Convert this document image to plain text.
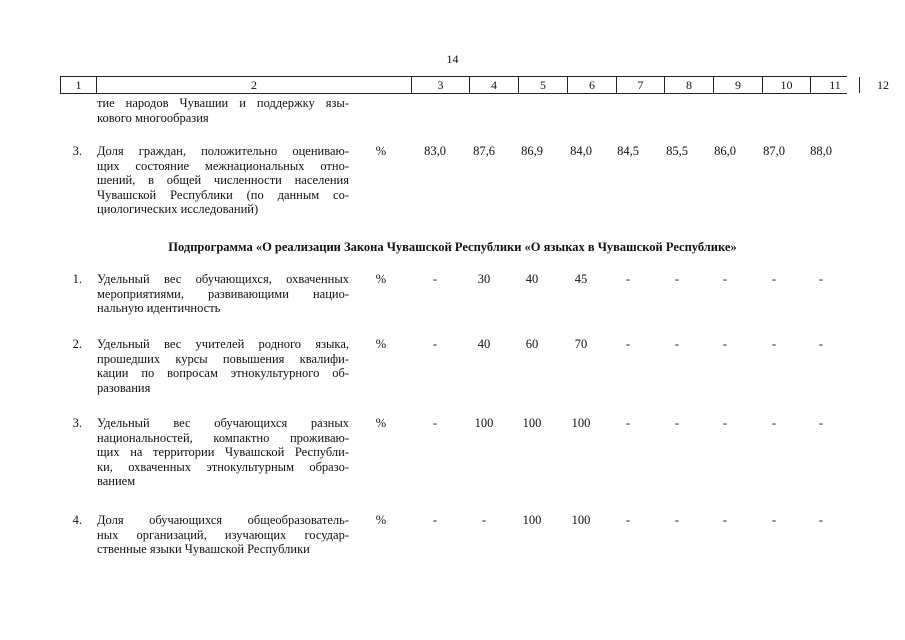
14
1	2	3	4	5	6	7	8	9	10	11	12
тие народов Чувашии и поддержку язы-
кового многообразия
3. Доля граждан, положительно оцениваю-
щих состояние межнациональных отно-
шений, в общей численности населения
Чувашской Республики (по данным со-
циологических исследований)
%	83,0	87,6	86,9	84,0	84,5	85,5	86,0	87,0	88,0
Подпрограмма «О реализации Закона Чувашской Республики «О языках в Чувашской Республике»
1. Удельный вес обучающихся, охваченных
мероприятиями, развивающими нацио-
нальную идентичность
%	-	30	40	45	-	-	-	-	-
2. Удельный вес учителей родного языка,
прошедших курсы повышения квалифи-
кации по вопросам этнокультурного об-
разования
%	-	40	60	70	-	-	-	-	-
3. Удельный вес обучающихся разных
национальностей, компактно проживаю-
щих на территории Чувашской Республи-
ки, охваченных этнокультурным образо-
ванием
%	-	100	100	100	-	-	-	-	-
4. Доля обучающихся общеобразователь-
ных организаций, изучающих государ-
ственные языки Чувашской Республики
%	-	-	100	100	-	-	-	-	-
